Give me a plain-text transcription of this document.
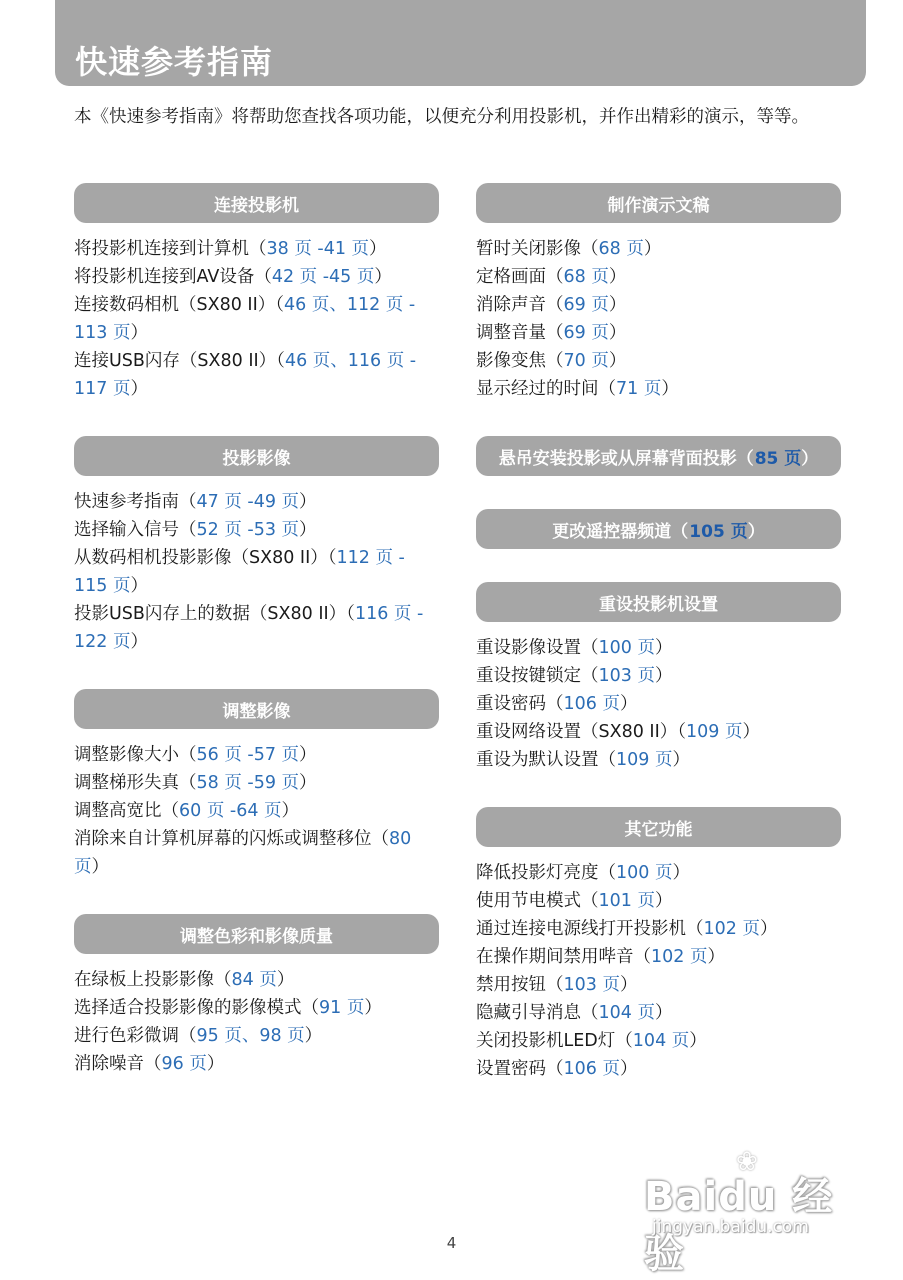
快速参考指南

本《快速参考指南》将帮助您查找各项功能，以便充分利用投影机，并作出精彩的演示，等等。

连接投影机
将投影机连接到计算机（38 页 -41 页）
将投影机连接到AV设备（42 页 -45 页）
连接数码相机（SX80 II）（46 页、112 页 - 113 页）
连接USB闪存（SX80 II）（46 页、116 页 - 117 页）
投影影像
快速参考指南（47 页 -49 页）
选择输入信号（52 页 -53 页）
从数码相机投影影像（SX80 II）（112 页 - 115 页）
投影USB闪存上的数据（SX80 II）（116 页 - 122 页）
调整影像
调整影像大小（56 页 -57 页）
调整梯形失真（58 页 -59 页）
调整高宽比（60 页 -64 页）
消除来自计算机屏幕的闪烁或调整移位（80 页）
调整色彩和影像质量
在绿板上投影影像（84 页）
选择适合投影影像的影像模式（91 页）
进行色彩微调（95 页、98 页）
消除噪音（96 页）
制作演示文稿
暂时关闭影像（68 页）
定格画面（68 页）
消除声音（69 页）
调整音量（69 页）
影像变焦（70 页）
显示经过的时间（71 页）
悬吊安装投影或从屏幕背面投影（ 85 页 ）
更改遥控器频道（ 105 页 ）
重设投影机设置
重设影像设置（100 页）
重设按键锁定（103 页）
重设密码（106 页）
重设网络设置（SX80 II）（109 页）
重设为默认设置（109 页）
其它功能
降低投影灯亮度（100 页）
使用节电模式（101 页）
通过连接电源线打开投影机（102 页）
在操作期间禁用哔音（102 页）
禁用按钮（103 页）
隐藏引导消息（104 页）
关闭投影机LED灯（104 页）
设置密码（106 页）
❀
Baidu 经验
jingyan.baidu.com
4
